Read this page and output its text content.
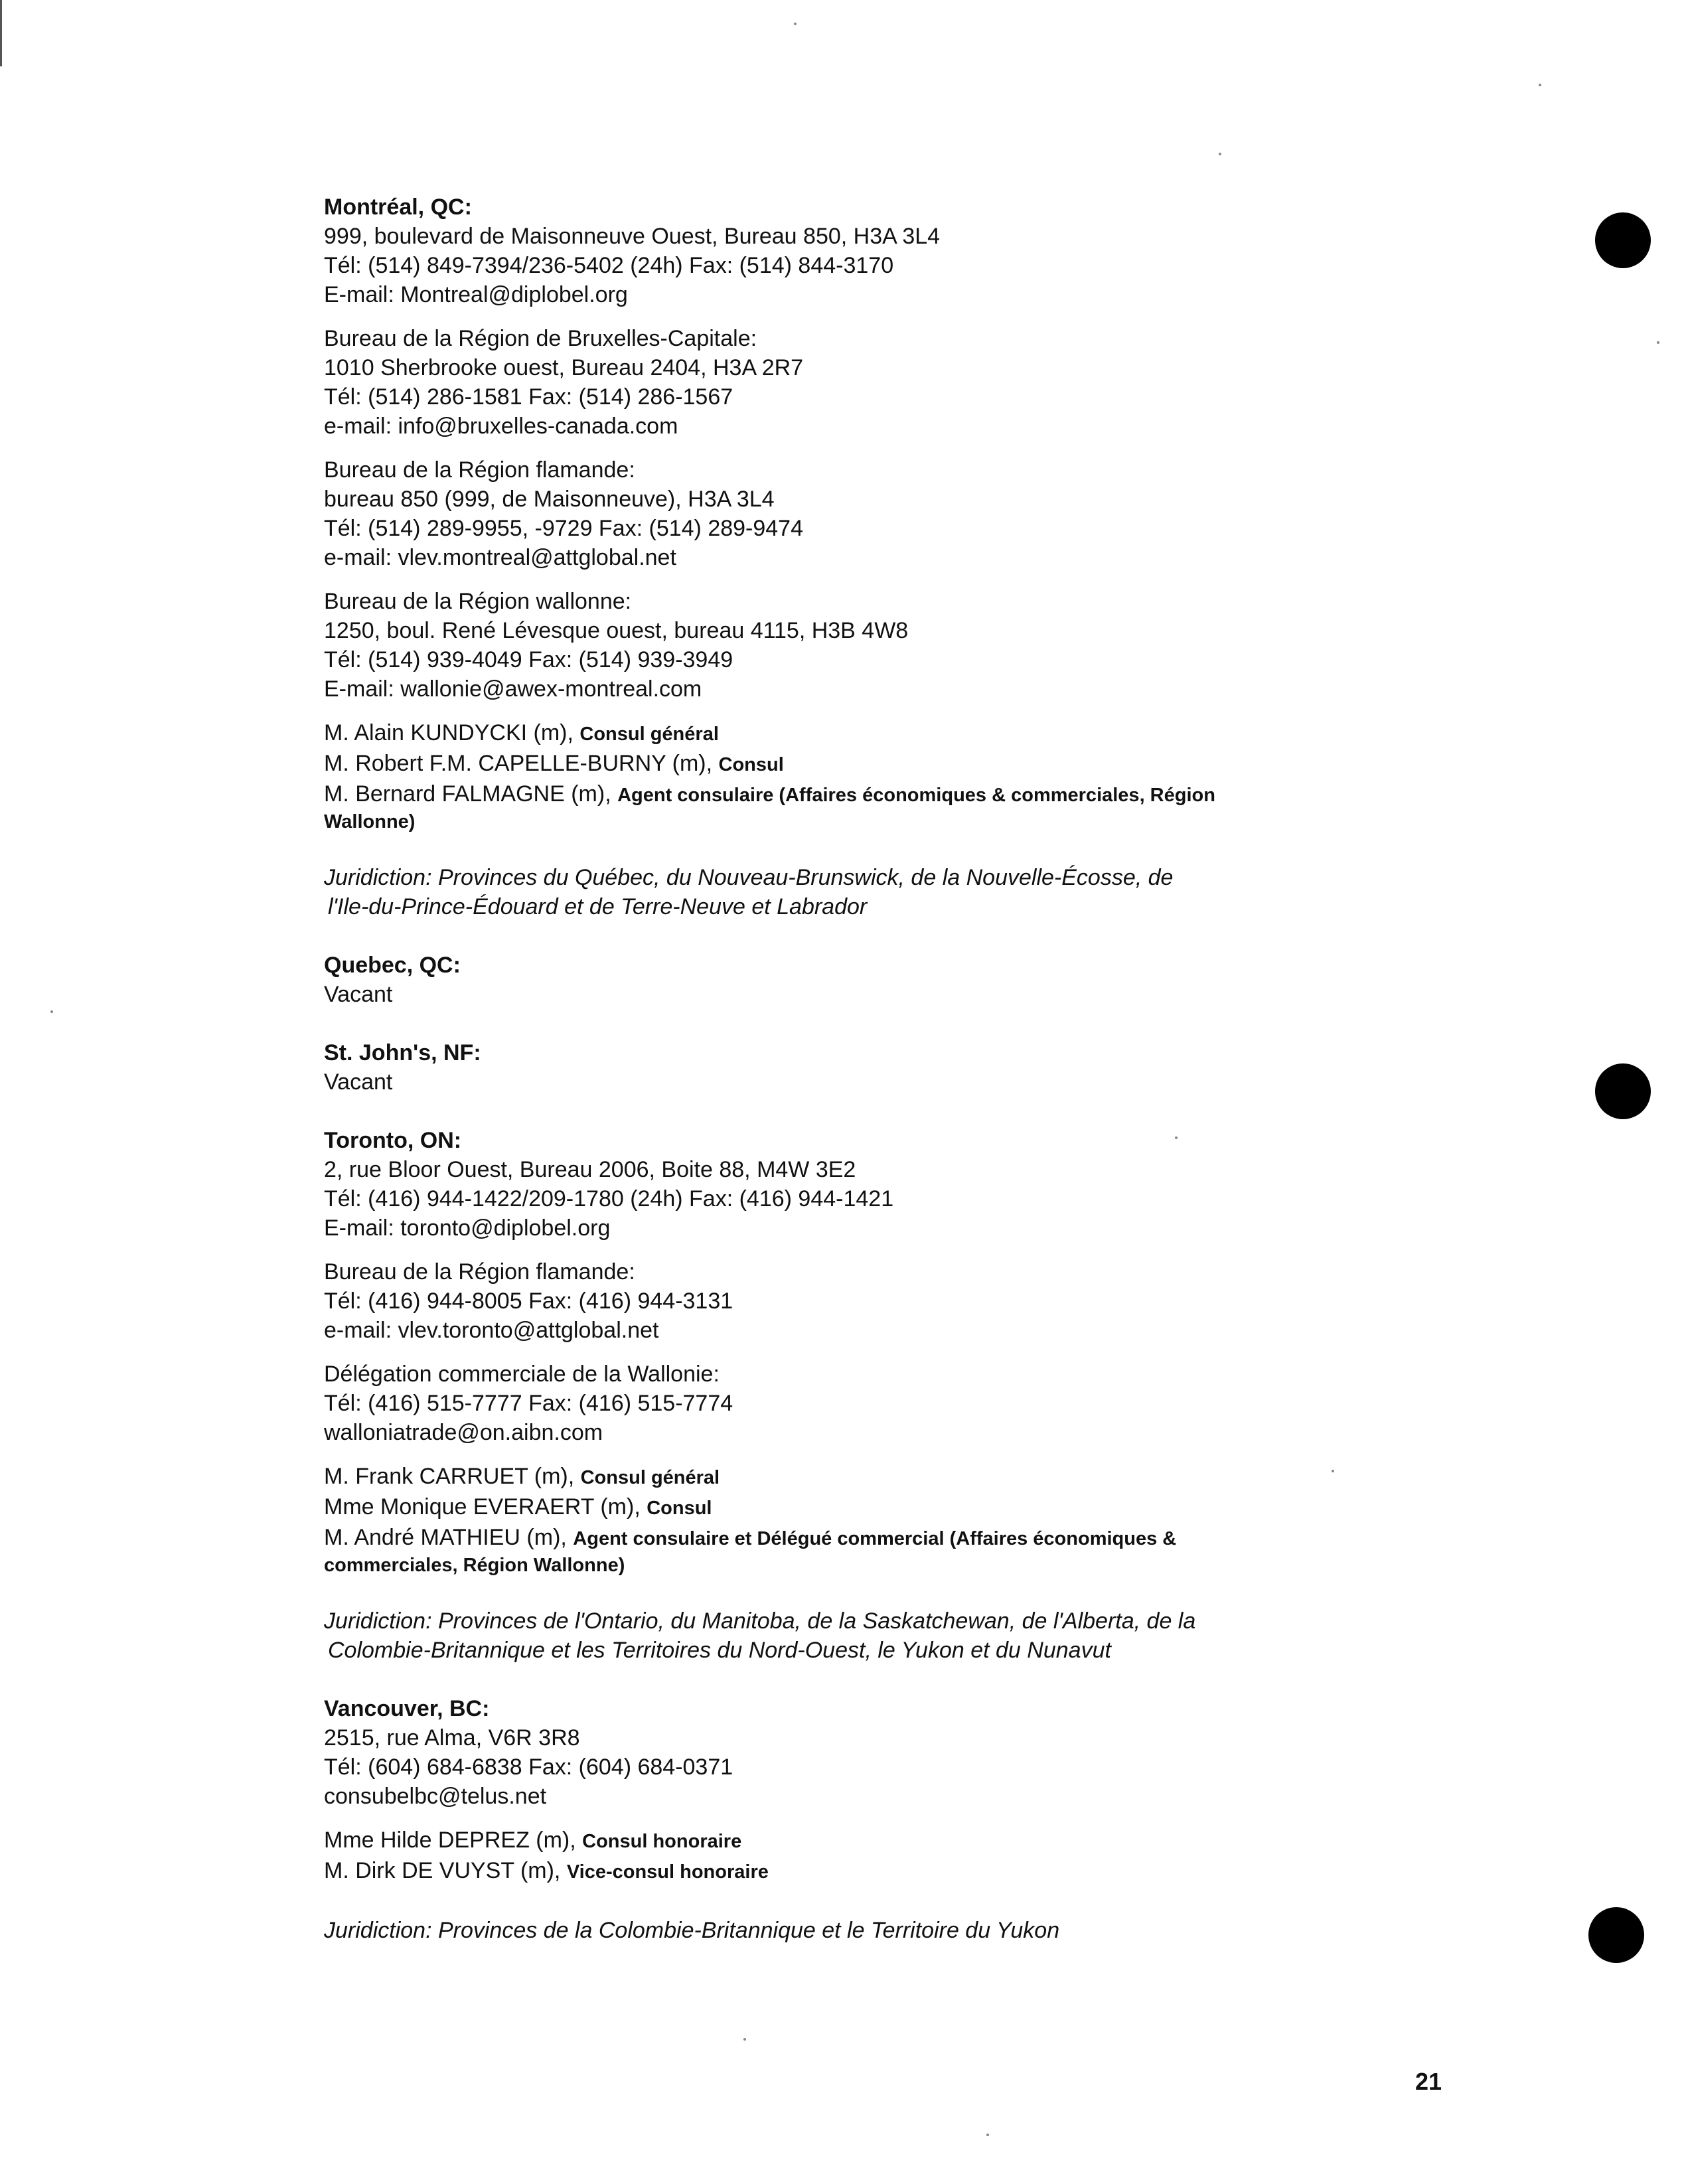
Montréal, QC:
999, boulevard de Maisonneuve Ouest, Bureau 850, H3A 3L4
Tél: (514) 849-7394/236-5402 (24h) Fax: (514) 844-3170
E-mail: Montreal@diplobel.org
Bureau de la Région de Bruxelles-Capitale:
1010 Sherbrooke ouest, Bureau 2404, H3A 2R7
Tél: (514) 286-1581 Fax: (514) 286-1567
e-mail: info@bruxelles-canada.com
Bureau de la Région flamande:
bureau 850 (999, de Maisonneuve), H3A 3L4
Tél: (514) 289-9955, -9729 Fax: (514) 289-9474
e-mail: vlev.montreal@attglobal.net
Bureau de la Région wallonne:
1250, boul. René Lévesque ouest, bureau 4115, H3B 4W8
Tél: (514) 939-4049 Fax: (514) 939-3949
E-mail: wallonie@awex-montreal.com
M. Alain KUNDYCKI (m), Consul général
M. Robert F.M. CAPELLE-BURNY (m), Consul
M. Bernard FALMAGNE (m), Agent consulaire (Affaires économiques & commerciales, Région
Wallonne)
Juridiction: Provinces du Québec, du Nouveau-Brunswick, de la Nouvelle-Écosse, de
l'Ile-du-Prince-Édouard et de Terre-Neuve et Labrador
Quebec, QC:
Vacant
St. John's, NF:
Vacant
Toronto, ON:
2, rue Bloor Ouest, Bureau 2006, Boite 88, M4W 3E2
Tél: (416) 944-1422/209-1780 (24h) Fax: (416) 944-1421
E-mail: toronto@diplobel.org
Bureau de la Région flamande:
Tél: (416) 944-8005 Fax: (416) 944-3131
e-mail: vlev.toronto@attglobal.net
Délégation commerciale de la Wallonie:
Tél: (416) 515-7777 Fax: (416) 515-7774
walloniatrade@on.aibn.com
M. Frank CARRUET (m), Consul général
Mme Monique EVERAERT (m), Consul
M. André MATHIEU (m), Agent consulaire et Délégué commercial (Affaires économiques &
commerciales, Région Wallonne)
Juridiction: Provinces de l'Ontario, du Manitoba, de la Saskatchewan, de l'Alberta, de la
Colombie-Britannique et les Territoires du Nord-Ouest, le Yukon et du Nunavut
Vancouver, BC:
2515, rue Alma, V6R 3R8
Tél: (604) 684-6838 Fax: (604) 684-0371
consubelbc@telus.net
Mme Hilde DEPREZ (m), Consul honoraire
M. Dirk DE VUYST (m), Vice-consul honoraire
Juridiction: Provinces de la Colombie-Britannique et le Territoire du Yukon
21
